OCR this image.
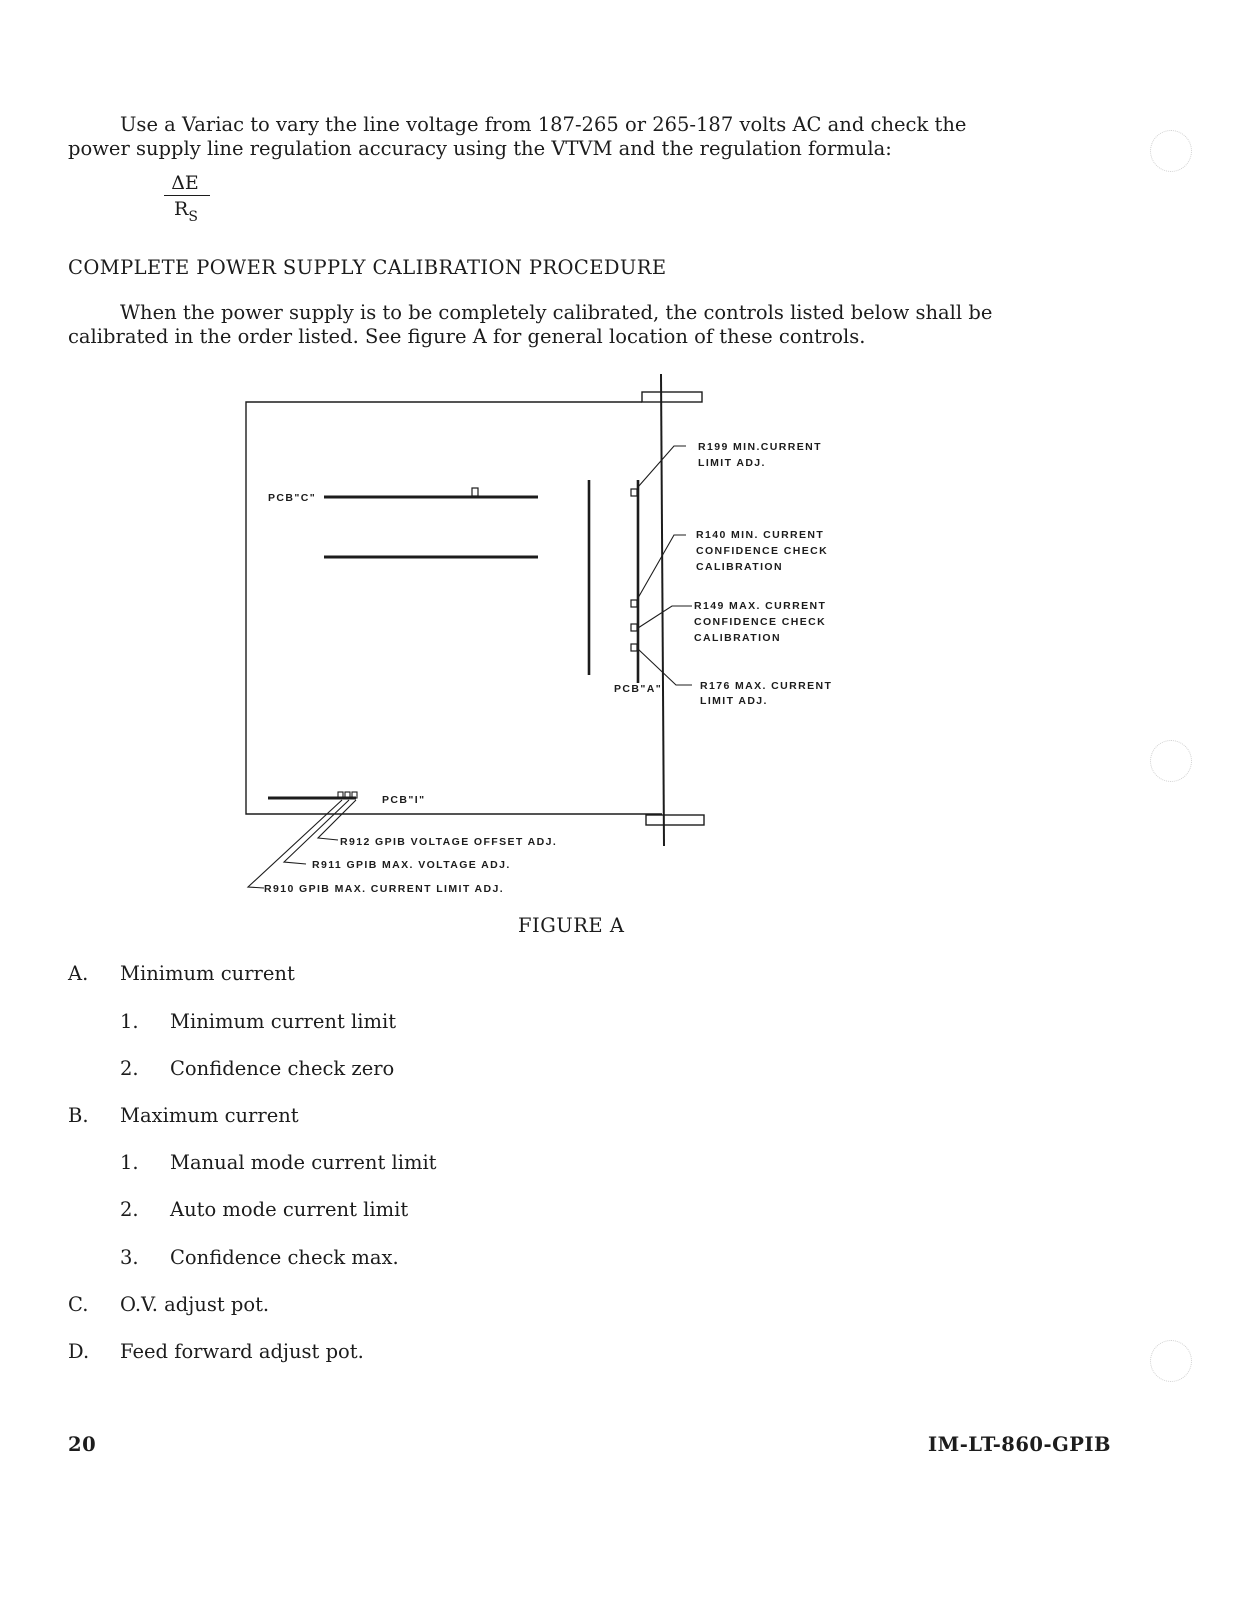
Use a Variac to vary the line voltage from 187-265 or 265-187 volts AC and check the
power supply line regulation accuracy using the VTVM and the regulation formula:

$\frac{\Delta E}{R_S}$
COMPLETE POWER SUPPLY CALIBRATION PROCEDURE

When the power supply is to be completely calibrated, the controls listed below shall be
calibrated in the order listed. See figure A for general location of these controls.

PCB"C"
PCB"A"
PCB"I"
R199 MIN.CURRENT
LIMIT ADJ.
R140 MIN. CURRENT
CONFIDENCE CHECK
CALIBRATION
R149 MAX. CURRENT
CONFIDENCE CHECK
CALIBRATION
R176 MAX. CURRENT
LIMIT ADJ.
R912 GPIB VOLTAGE OFFSET ADJ.
R911 GPIB MAX. VOLTAGE ADJ.
R910 GPIB MAX. CURRENT LIMIT ADJ.
FIGURE A
A. Minimum current
1. Minimum current limit
2. Confidence check zero
B. Maximum current
1. Manual mode current limit
2. Auto mode current limit
3. Confidence check max.
C. O.V. adjust pot.
D. Feed forward adjust pot.
20	IM-LT-860-GPIB
